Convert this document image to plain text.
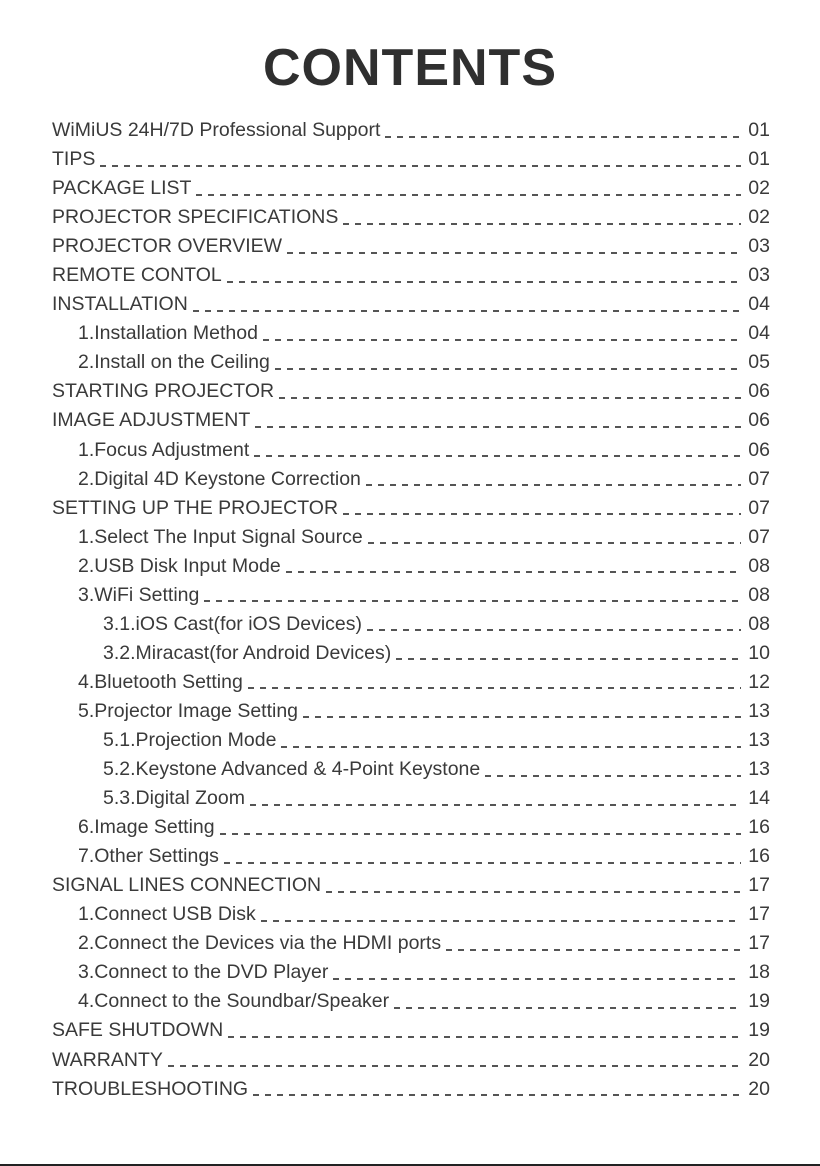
CONTENTS
WiMiUS 24H/7D Professional Support	01
TIPS	01
PACKAGE LIST	02
PROJECTOR SPECIFICATIONS	02
PROJECTOR OVERVIEW	03
REMOTE CONTOL	03
INSTALLATION	04
1.Installation Method	04
2.Install on the Ceiling	05
STARTING PROJECTOR	06
IMAGE ADJUSTMENT	06
1.Focus Adjustment	06
2.Digital 4D Keystone Correction	07
SETTING UP THE PROJECTOR	07
1.Select The Input Signal Source	07
2.USB Disk Input Mode	08
3.WiFi Setting	08
3.1.iOS Cast(for iOS Devices)	08
3.2.Miracast(for Android Devices)	10
4.Bluetooth Setting	12
5.Projector Image Setting	13
5.1.Projection Mode	13
5.2.Keystone Advanced & 4-Point Keystone	13
5.3.Digital Zoom	14
6.Image Setting	16
7.Other Settings	16
SIGNAL LINES CONNECTION	17
1.Connect USB Disk	17
2.Connect the Devices via the HDMI ports	17
3.Connect to the DVD Player	18
4.Connect to the Soundbar/Speaker	19
SAFE SHUTDOWN	19
WARRANTY	20
TROUBLESHOOTING	20
